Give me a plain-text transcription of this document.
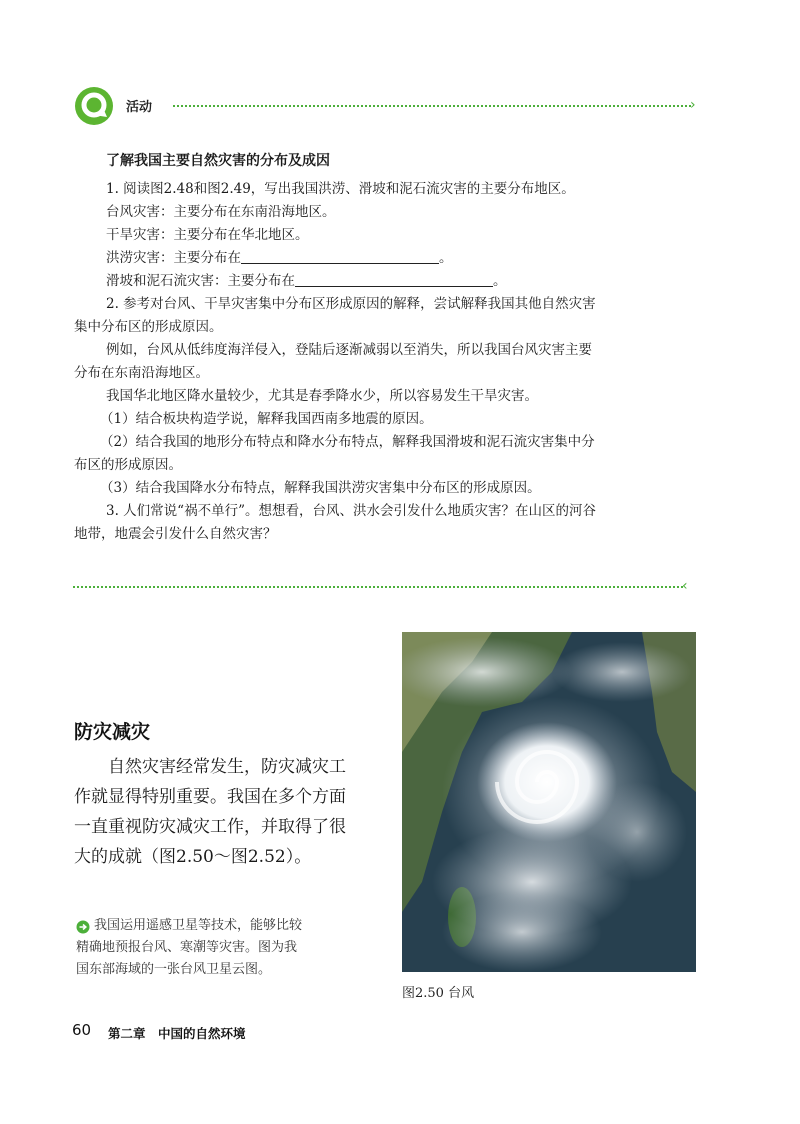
活动	›
了解我国主要自然灾害的分布及成因
1. 阅读图2.48和图2.49，写出我国洪涝、滑坡和泥石流灾害的主要分布地区。
台风灾害：主要分布在东南沿海地区。
干旱灾害：主要分布在华北地区。
洪涝灾害：主要分布在	。
滑坡和泥石流灾害：主要分布在	。
2. 参考对台风、干旱灾害集中分布区形成原因的解释，尝试解释我国其他自然灾害
集中分布区的形成原因。
例如，台风从低纬度海洋侵入，登陆后逐渐减弱以至消失，所以我国台风灾害主要
分布在东南沿海地区。
我国华北地区降水量较少，尤其是春季降水少，所以容易发生干旱灾害。
（1）结合板块构造学说，解释我国西南多地震的原因。
（2）结合我国的地形分布特点和降水分布特点，解释我国滑坡和泥石流灾害集中分
布区的形成原因。
（3）结合我国降水分布特点，解释我国洪涝灾害集中分布区的形成原因。
3. 人们常说“祸不单行”。想想看，台风、洪水会引发什么地质灾害？在山区的河谷
地带，地震会引发什么自然灾害？
‹
防灾减灾
自然灾害经常发生，防灾减灾工
作就显得特别重要。我国在多个方面
一直重视防灾减灾工作，并取得了很
大的成就（图2.50～图2.52）。
图2.50 台风
我国运用遥感卫星等技术，能够比较
精确地预报台风、寒潮等灾害。图为我
国东部海域的一张台风卫星云图。
60 第二章　中国的自然环境
